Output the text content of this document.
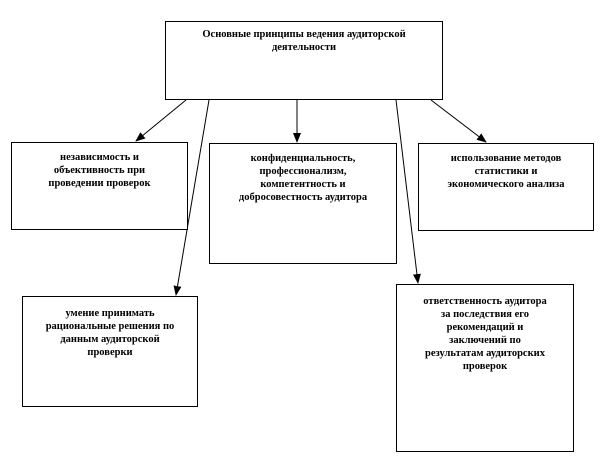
Основные принципы ведения аудиторской
деятельности
независимость и
объективность при
проведении проверок
конфиденциальность,
профессионализм,
компетентность и
добросовестность аудитора
использование методов
статистики и
экономического анализа
умение принимать
рациональные решения по
данным аудиторской
проверки
ответственность аудитора
за последствия его
рекомендаций и
заключений по
результатам аудиторских
проверок
